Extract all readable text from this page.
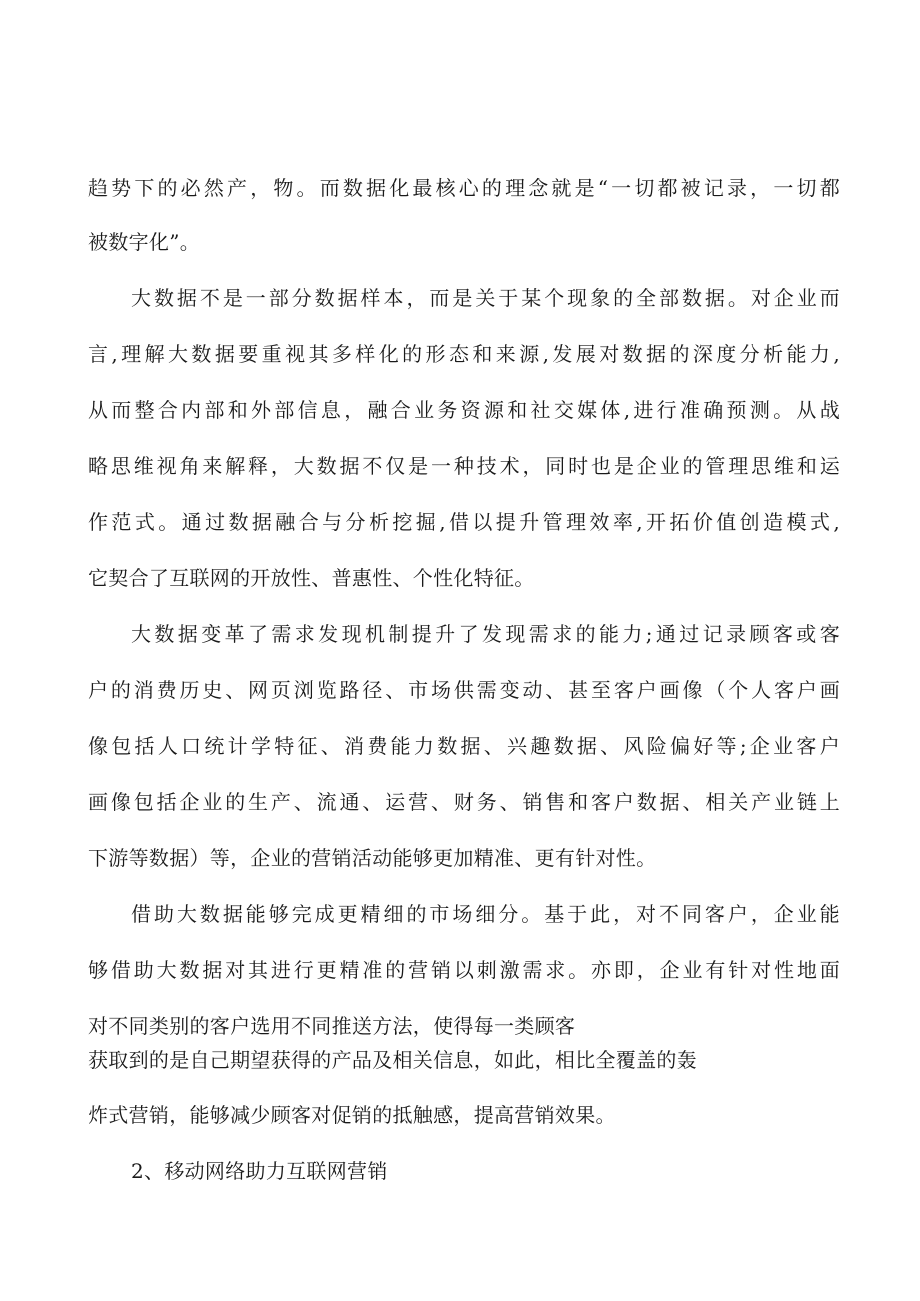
趋势下的必然产，物。而数据化最核心的理念就是“一切都被记录，一切都
被数字化”。
大数据不是一部分数据样本，而是关于某个现象的全部数据。对企业而
言,理解大数据要重视其多样化的形态和来源,发展对数据的深度分析能力,
从而整合内部和外部信息，融合业务资源和社交媒体,进行准确预测。从战
略思维视角来解释，大数据不仅是一种技术，同时也是企业的管理思维和运
作范式。通过数据融合与分析挖掘,借以提升管理效率,开拓价值创造模式,
它契合了互联网的开放性、普惠性、个性化特征。
大数据变革了需求发现机制提升了发现需求的能力;通过记录顾客或客
户的消费历史、网页浏览路径、市场供需变动、甚至客户画像（个人客户画
像包括人口统计学特征、消费能力数据、兴趣数据、风险偏好等;企业客户
画像包括企业的生产、流通、运营、财务、销售和客户数据、相关产业链上
下游等数据）等，企业的营销活动能够更加精准、更有针对性。
借助大数据能够完成更精细的市场细分。基于此，对不同客户，企业能
够借助大数据对其进行更精准的营销以刺激需求。亦即，企业有针对性地面
对不同类别的客户选用不同推送方法，使得每一类顾客
获取到的是自己期望获得的产品及相关信息，如此，相比全覆盖的轰
炸式营销，能够减少顾客对促销的抵触感，提高营销效果。
2、移动网络助力互联网营销
